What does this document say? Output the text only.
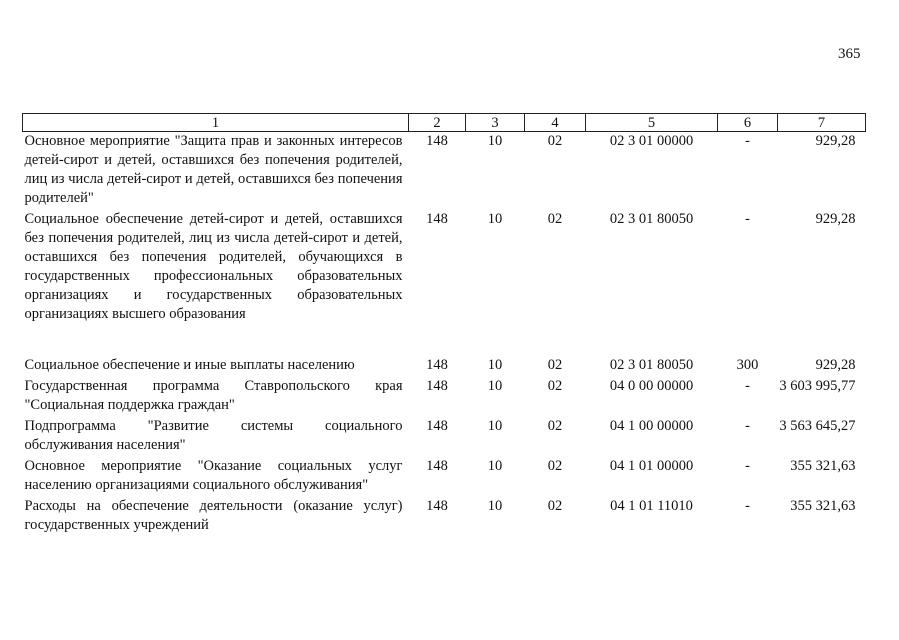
365
1	2	3	4	5	6	7
Основное мероприятие "Защита прав и законных интересов детей-сирот и детей, оставшихся без попечения родителей, лиц из числа детей-сирот и детей, оставшихся без попечения родителей"	148	10	02	02 3 01 00000	-	929,28
Социальное обеспечение детей-сирот и детей, оставшихся без попечения родителей, лиц из числа детей-сирот и детей, оставшихся без попечения родителей, обучающихся в государственных профессиональных образовательных организациях и государственных образовательных организациях высшего образования	148	10	02	02 3 01 80050	-	929,28
Социальное обеспечение и иные выплаты населению	148	10	02	02 3 01 80050	300	929,28
Государственная программа Ставропольского края "Социальная поддержка граждан"	148	10	02	04 0 00 00000	-	3 603 995,77
Подпрограмма "Развитие системы социального обслуживания населения"	148	10	02	04 1 00 00000	-	3 563 645,27
Основное мероприятие "Оказание социальных услуг населению организациями социального обслуживания"	148	10	02	04 1 01 00000	-	355 321,63
Расходы на обеспечение деятельности (оказание услуг) государственных учреждений	148	10	02	04 1 01 11010	-	355 321,63
